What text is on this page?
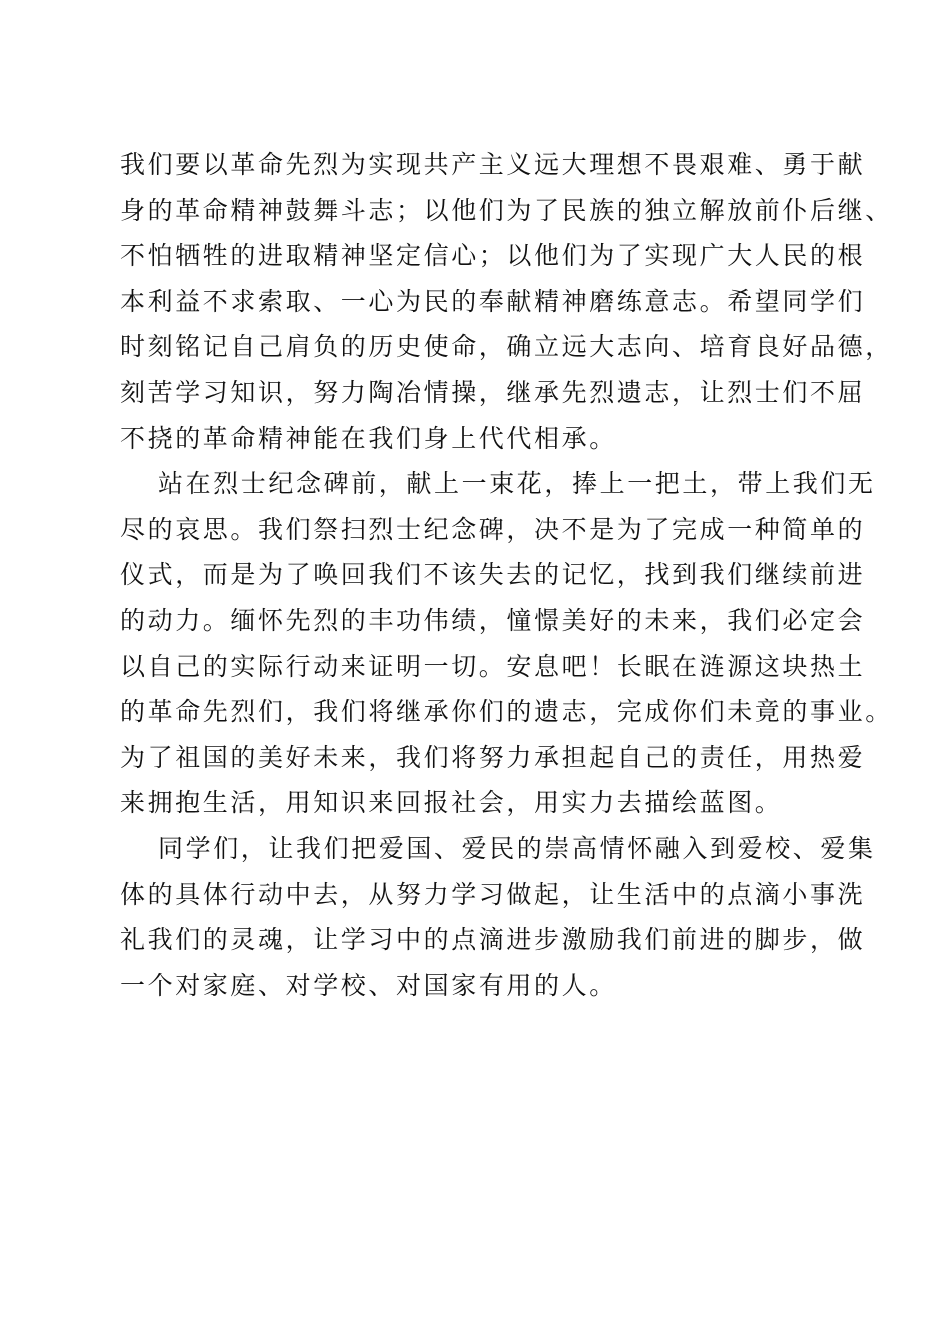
我们要以革命先烈为实现共产主义远大理想不畏艰难、勇于献
身的革命精神鼓舞斗志；以他们为了民族的独立解放前仆后继、
不怕牺牲的进取精神坚定信心；以他们为了实现广大人民的根
本利益不求索取、一心为民的奉献精神磨练意志。希望同学们
时刻铭记自己肩负的历史使命，确立远大志向、培育良好品德，
刻苦学习知识，努力陶冶情操，继承先烈遗志，让烈士们不屈
不挠的革命精神能在我们身上代代相承。
站在烈士纪念碑前，献上一束花，捧上一把土，带上我们无
尽的哀思。我们祭扫烈士纪念碑，决不是为了完成一种简单的
仪式，而是为了唤回我们不该失去的记忆，找到我们继续前进
的动力。缅怀先烈的丰功伟绩，憧憬美好的未来，我们必定会
以自己的实际行动来证明一切。安息吧！长眠在涟源这块热土
的革命先烈们，我们将继承你们的遗志，完成你们未竟的事业。
为了祖国的美好未来，我们将努力承担起自己的责任，用热爱
来拥抱生活，用知识来回报社会，用实力去描绘蓝图。
同学们，让我们把爱国、爱民的崇高情怀融入到爱校、爱集
体的具体行动中去，从努力学习做起，让生活中的点滴小事洗
礼我们的灵魂，让学习中的点滴进步激励我们前进的脚步，做
一个对家庭、对学校、对国家有用的人。
